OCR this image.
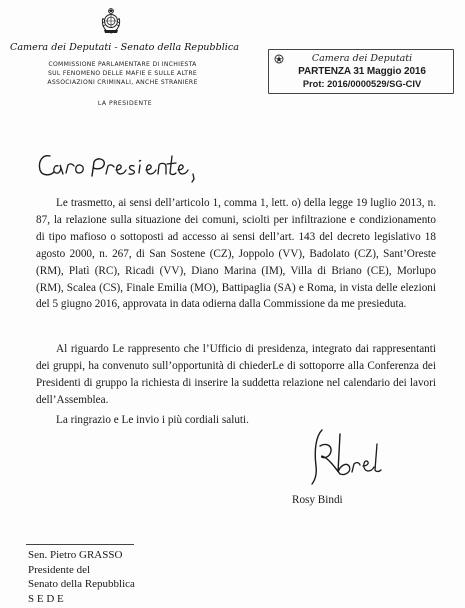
Camera dei Deputati - Senato della Repubblica
COMMISSIONE PARLAMENTARE DI INCHIESTA
SUL FENOMENO DELLE MAFIE E SULLE ALTRE
ASSOCIAZIONI CRIMINALI, ANCHE STRANIERE
LA PRESIDENTE
Camera dei Deputati
PARTENZA 31 Maggio 2016
Prot: 2016/0000529/SG-CIV

Le trasmetto, ai sensi dell’articolo 1, comma 1, lett. o) della legge 19 luglio 2013, n. 87, la relazione sulla situazione dei comuni, sciolti per infiltrazione e condizionamento di tipo mafioso o sottoposti ad accesso ai sensi dell’art. 143 del decreto legislativo 18 agosto 2000, n. 267, di San Sostene (CZ), Joppolo (VV), Badolato (CZ), Sant’Oreste (RM), Platì (RC), Ricadi (VV), Diano Marina (IM), Villa di Briano (CE), Morlupo (RM), Scalea (CS), Finale Emilia (MO), Battipaglia (SA) e Roma, in vista delle elezioni del 5 giugno 2016, approvata in data odierna dalla Commissione da me presieduta.

Al riguardo Le rappresento che l’Ufficio di presidenza, integrato dai rappresentanti dei gruppi, ha convenuto sull’opportunità di chiederLe di sottoporre alla Conferenza dei Presidenti di gruppo la richiesta di inserire la suddetta relazione nel calendario dei lavori dell’Assemblea.

La ringrazio e Le invio i più cordiali saluti.

Rosy Bindi
Sen. Pietro GRASSO
Presidente del
Senato della Repubblica
S E D E
